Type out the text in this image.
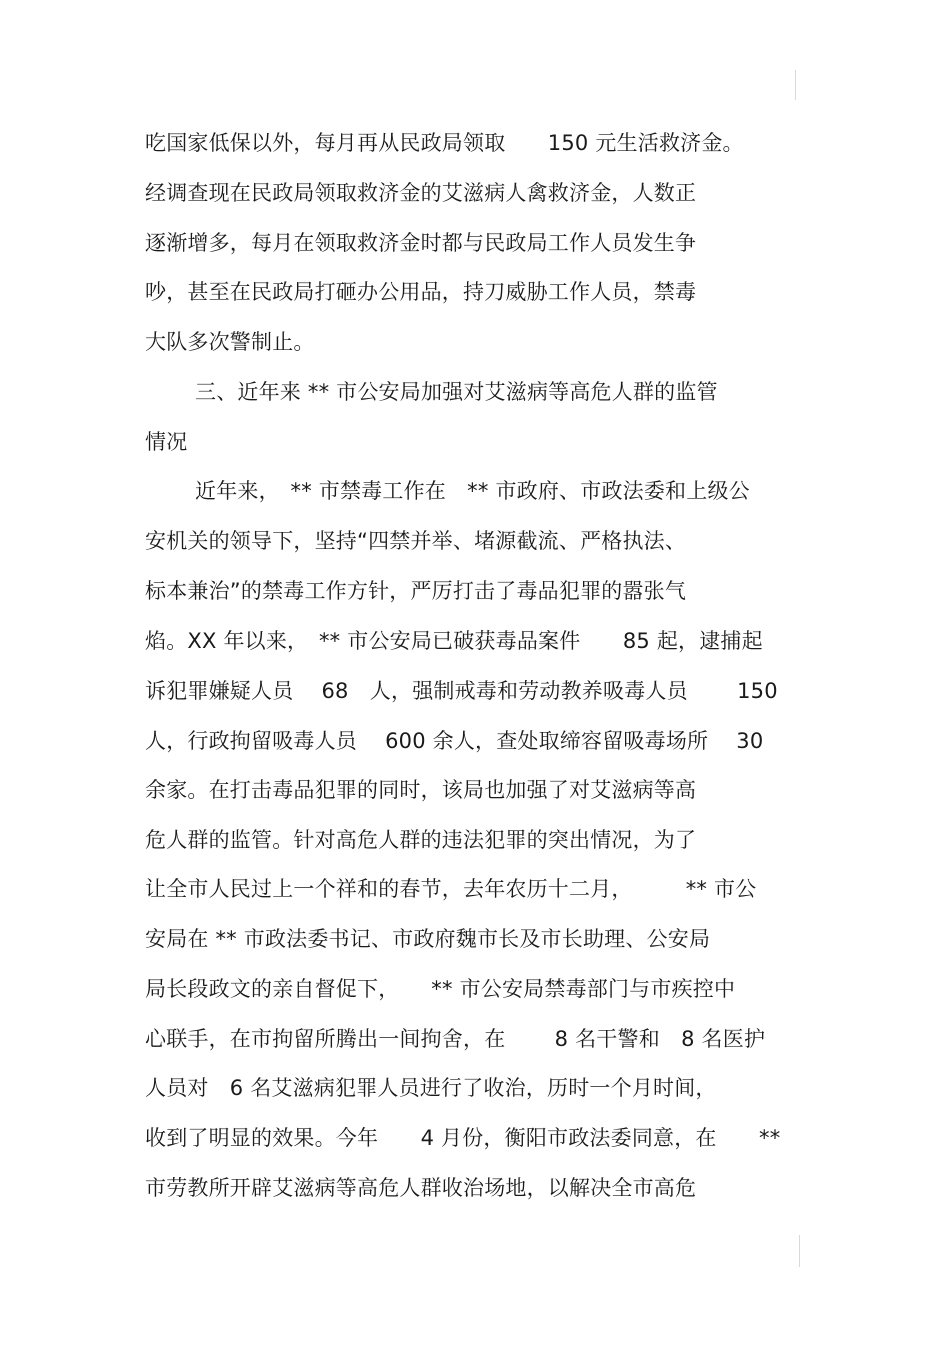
吃国家低保以外，每月再从民政局领取　　150 元生活救济金。
经调查现在民政局领取救济金的艾滋病人禽救济金，人数正
逐渐增多，每月在领取救济金时都与民政局工作人员发生争
吵，甚至在民政局打砸办公用品，持刀威胁工作人员，禁毒
大队多次警制止。
三、近年来 ** 市公安局加强对艾滋病等高危人群的监管
情况
近年来，　** 市禁毒工作在　** 市政府、市政法委和上级公
安机关的领导下，坚持“四禁并举、堵源截流、严格执法、
标本兼治”的禁毒工作方针，严厉打击了毒品犯罪的嚣张气
焰。XX 年以来，　** 市公安局已破获毒品案件　　85 起，逮捕起
诉犯罪嫌疑人员　 68　人，强制戒毒和劳动教养吸毒人员　　 150
人，行政拘留吸毒人员　 600 余人，查处取缔容留吸毒场所　 30
余家。在打击毒品犯罪的同时，该局也加强了对艾滋病等高
危人群的监管。针对高危人群的违法犯罪的突出情况，为了
让全市人民过上一个祥和的春节，去年农历十二月，　　　** 市公
安局在 ** 市政法委书记、市政府魏市长及市长助理、公安局
局长段政文的亲自督促下，　　** 市公安局禁毒部门与市疾控中
心联手，在市拘留所腾出一间拘舍，在　　 8 名干警和　8 名医护
人员对　6 名艾滋病犯罪人员进行了收治，历时一个月时间，
收到了明显的效果。今年　　4 月份，衡阳市政法委同意，在　　**
市劳教所开辟艾滋病等高危人群收治场地，以解决全市高危
